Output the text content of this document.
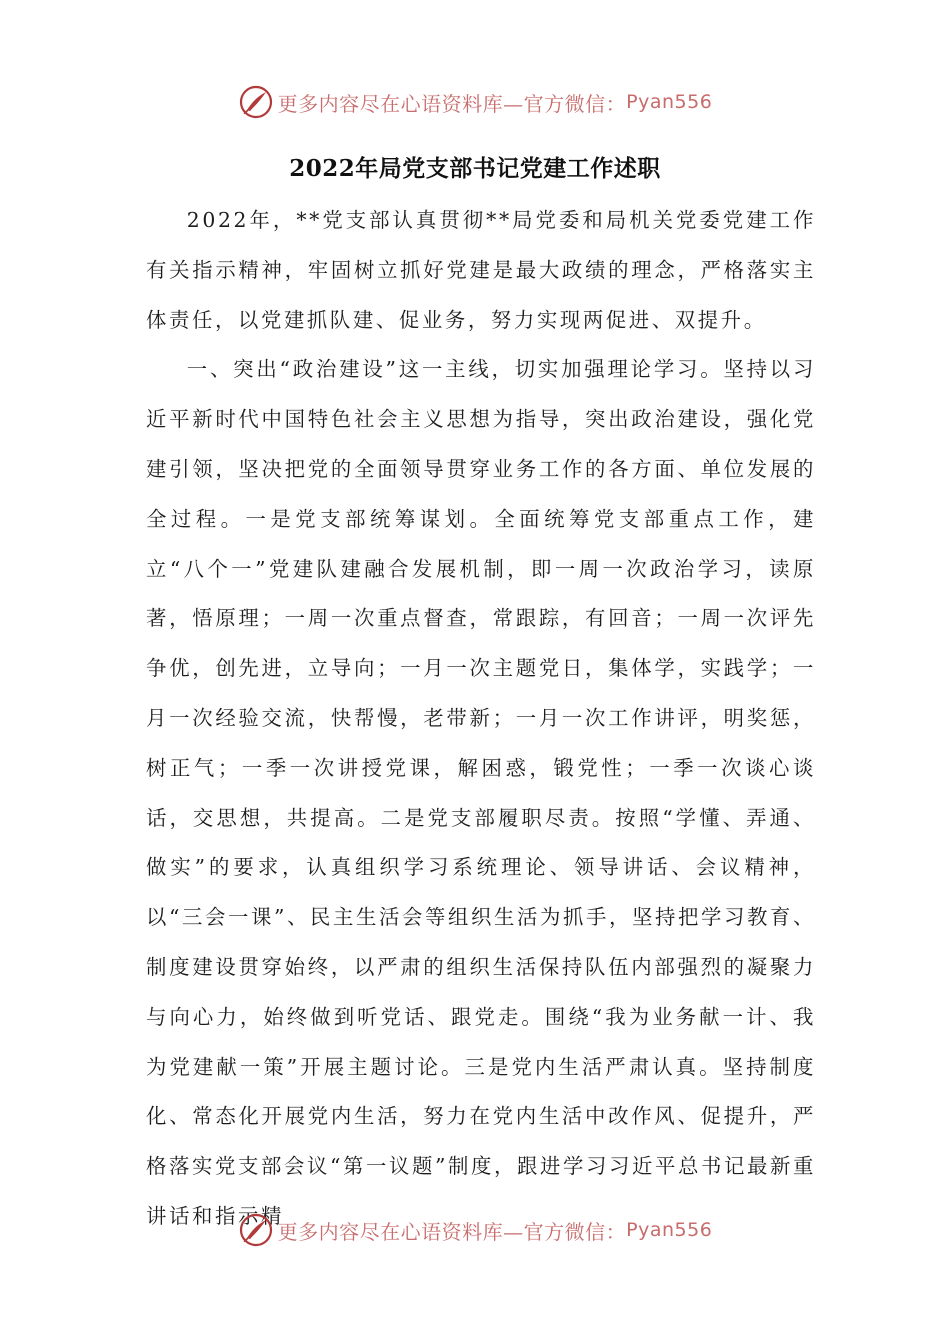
更多内容尽在心语资料库—官方微信： Pyan556
2022年局党支部书记党建工作述职

2022年，**党支部认真贯彻**局党委和局机关党委党建工作有关指示精神，牢固树立抓好党建是最大政绩的理念，严格落实主体责任，以党建抓队建、促业务，努力实现两促进、双提升。

一、突出“政治建设”这一主线，切实加强理论学习。坚持以习近平新时代中国特色社会主义思想为指导，突出政治建设，强化党建引领，坚决把党的全面领导贯穿业务工作的各方面、单位发展的全过程。一是党支部统筹谋划。全面统筹党支部重点工作，建立“八个一”党建队建融合发展机制，即一周一次政治学习，读原著，悟原理；一周一次重点督查，常跟踪，有回音；一周一次评先争优，创先进，立导向；一月一次主题党日，集体学，实践学；一月一次经验交流，快帮慢，老带新；一月一次工作讲评，明奖惩，树正气；一季一次讲授党课，解困惑，锻党性；一季一次谈心谈话，交思想，共提高。二是党支部履职尽责。按照“学懂、弄通、做实”的要求，认真组织学习系统理论、领导讲话、会议精神，以“三会一课”、民主生活会等组织生活为抓手，坚持把学习教育、制度建设贯穿始终，以严肃的组织生活保持队伍内部强烈的凝聚力与向心力，始终做到听党话、跟党走。围绕“我为业务献一计、我为党建献一策”开展主题讨论。三是党内生活严肃认真。坚持制度化、常态化开展党内生活，努力在党内生活中改作风、促提升，严格落实党支部会议“第一议题”制度，跟进学习习近平总书记最新重讲话和指示精

更多内容尽在心语资料库—官方微信： Pyan556
